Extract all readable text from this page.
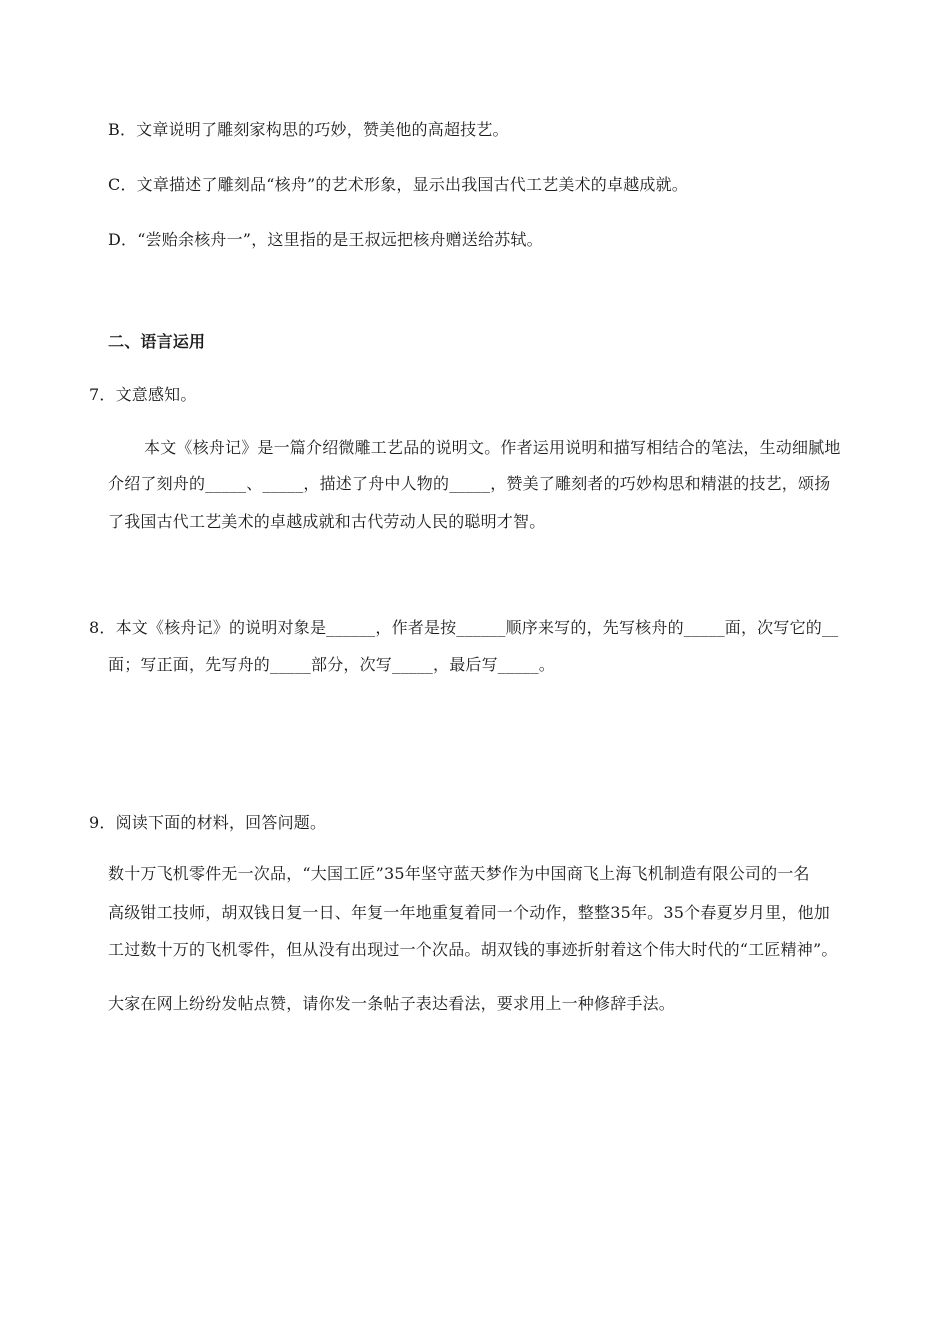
B．文章说明了雕刻家构思的巧妙，赞美他的高超技艺。
C．文章描述了雕刻品“核舟”的艺术形象，显示出我国古代工艺美术的卓越成就。
D．“尝贻余核舟一”，这里指的是王叔远把核舟赠送给苏轼。
二、语言运用
7．文意感知。
本文《核舟记》是一篇介绍微雕工艺品的说明文。作者运用说明和描写相结合的笔法，生动细腻地
介绍了刻舟的_____、_____，描述了舟中人物的_____，赞美了雕刻者的巧妙构思和精湛的技艺，颂扬
了我国古代工艺美术的卓越成就和古代劳动人民的聪明才智。
8．本文《核舟记》的说明对象是______，作者是按______顺序来写的，先写核舟的_____面，次写它的__
面；写正面，先写舟的_____部分，次写_____，最后写_____。
9．阅读下面的材料，回答问题。
数十万飞机零件无一次品，“大国工匠”35年坚守蓝天梦作为中国商飞上海飞机制造有限公司的一名
高级钳工技师，胡双钱日复一日、年复一年地重复着同一个动作，整整35年。35个春夏岁月里，他加
工过数十万的飞机零件，但从没有出现过一个次品。胡双钱的事迹折射着这个伟大时代的“工匠精神”。
大家在网上纷纷发帖点赞，请你发一条帖子表达看法，要求用上一种修辞手法。
